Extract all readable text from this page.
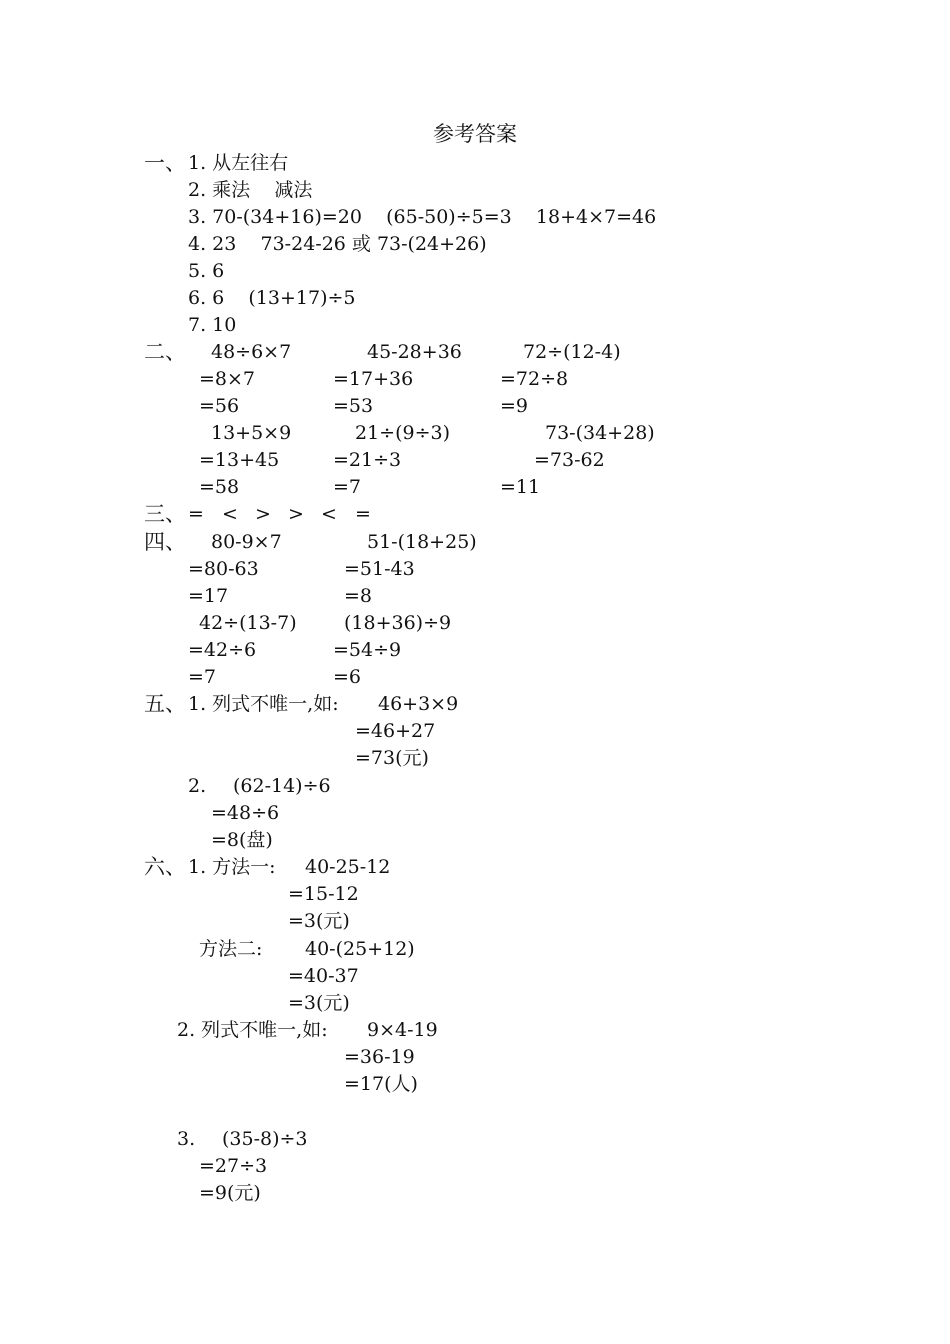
参考答案
一、 1. 从左往右
2. 乘法    减法
3. 70-(34+16)=20    (65-50)÷5=3    18+4×7=46
4. 23    73-24-26 或 73-(24+26)
5. 6
6. 6    (13+17)÷5
7. 10
二、 48÷6×7	45-28+36	72÷(12-4)
=8×7	=17+36	=72÷8
=56	=53	=9
13+5×9	21÷(9÷3)	73-(34+28)
=13+45	=21÷3	=73-62
=58	=7	=11
三、 = < > > < =
四、 80-9×7	51-(18+25)
=80-63	=51-43
=17	=8
42÷(13-7) (18+36)÷9
=42÷6	=54÷9
=7	=6
五、 1. 列式不唯一,如: 46+3×9
=46+27
=73(元)
2. (62-14)÷6
=48÷6
=8(盘)
六、 1. 方法一: 40-25-12
=15-12
=3(元)
方法二: 40-(25+12)
=40-37
=3(元)
2. 列式不唯一,如: 9×4-19
=36-19
=17(人)
3. (35-8)÷3
=27÷3
=9(元)
